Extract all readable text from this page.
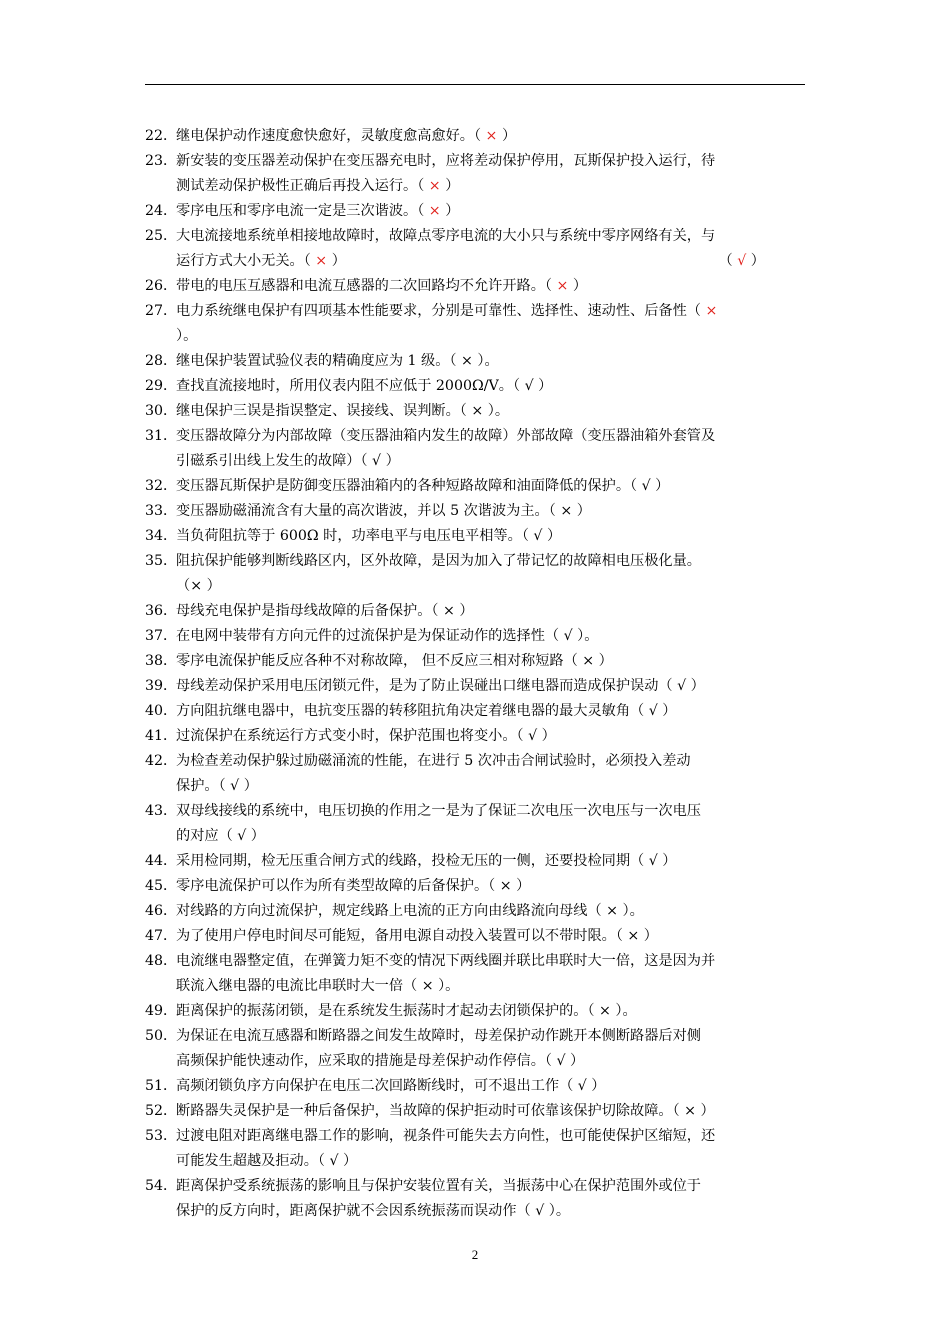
22．
继电保护动作速度愈快愈好，灵敏度愈高愈好。（ × ）
23．
新安装的变压器差动保护在变压器充电时，应将差动保护停用，瓦斯保护投入运行，待
测试差动保护极性正确后再投入运行。（ × ）
24．
零序电压和零序电流一定是三次谐波。（ × ）
25．
大电流接地系统单相接地故障时，故障点零序电流的大小只与系统中零序网络有关，与
运行方式大小无关。（ × ）	（ √ ）
26．
带电的电压互感器和电流互感器的二次回路均不允许开路。（ × ）
27．
电力系统继电保护有四项基本性能要求，分别是可靠性、选择性、速动性、后备性（ ×
）。
28．
继电保护装置试验仪表的精确度应为 1 级。（ × ）。
29．
查找直流接地时，所用仪表内阻不应低于 2000Ω/V。（ √ ）
30．
继电保护三误是指误整定、误接线、误判断。（ × ）。
31．
变压器故障分为内部故障（变压器油箱内发生的故障）外部故障（变压器油箱外套管及
引磁系引出线上发生的故障）（ √ ）
32．
变压器瓦斯保护是防御变压器油箱内的各种短路故障和油面降低的保护。（ √ ）
33．
变压器励磁涌流含有大量的高次谐波，并以 5 次谐波为主。（ × ）
34．
当负荷阻抗等于 600Ω 时，功率电平与电压电平相等。（ √ ）
35．
阻抗保护能够判断线路区内，区外故障，是因为加入了带记忆的故障相电压极化量。
（× ）
36．
母线充电保护是指母线故障的后备保护。（ × ）
37．
在电网中装带有方向元件的过流保护是为保证动作的选择性（ √ ）。
38．
零序电流保护能反应各种不对称故障， 但不反应三相对称短路（ × ）
39．
母线差动保护采用电压闭锁元件，是为了防止误碰出口继电器而造成保护误动（ √ ）
40．
方向阻抗继电器中，电抗变压器的转移阻抗角决定着继电器的最大灵敏角（ √ ）
41．
过流保护在系统运行方式变小时，保护范围也将变小。（ √ ）
42．
为检查差动保护躲过励磁涌流的性能，在进行 5 次冲击合闸试验时，必须投入差动
保护。（ √ ）
43．
双母线接线的系统中，电压切换的作用之一是为了保证二次电压一次电压与一次电压
的对应（ √ ）
44．
采用检同期，检无压重合闸方式的线路，投检无压的一侧，还要投检同期（ √ ）
45．
零序电流保护可以作为所有类型故障的后备保护。（ × ）
46．
对线路的方向过流保护，规定线路上电流的正方向由线路流向母线（ × ）。
47．
为了使用户停电时间尽可能短，备用电源自动投入装置可以不带时限。（ × ）
48．
电流继电器整定值，在弹簧力矩不变的情况下两线圈并联比串联时大一倍，这是因为并
联流入继电器的电流比串联时大一倍（ × ）。
49．
距离保护的振荡闭锁，是在系统发生振荡时才起动去闭锁保护的。（ × ）。
50．
为保证在电流互感器和断路器之间发生故障时，母差保护动作跳开本侧断路器后对侧
高频保护能快速动作，应采取的措施是母差保护动作停信。（ √ ）
51．
高频闭锁负序方向保护在电压二次回路断线时，可不退出工作（ √ ）
52．
断路器失灵保护是一种后备保护，当故障的保护拒动时可依靠该保护切除故障。（ × ）
53．
过渡电阻对距离继电器工作的影响，视条件可能失去方向性，也可能使保护区缩短，还
可能发生超越及拒动。（ √ ）
54．
距离保护受系统振荡的影响且与保护安装位置有关，当振荡中心在保护范围外或位于
保护的反方向时，距离保护就不会因系统振荡而误动作（ √ ）。
2
